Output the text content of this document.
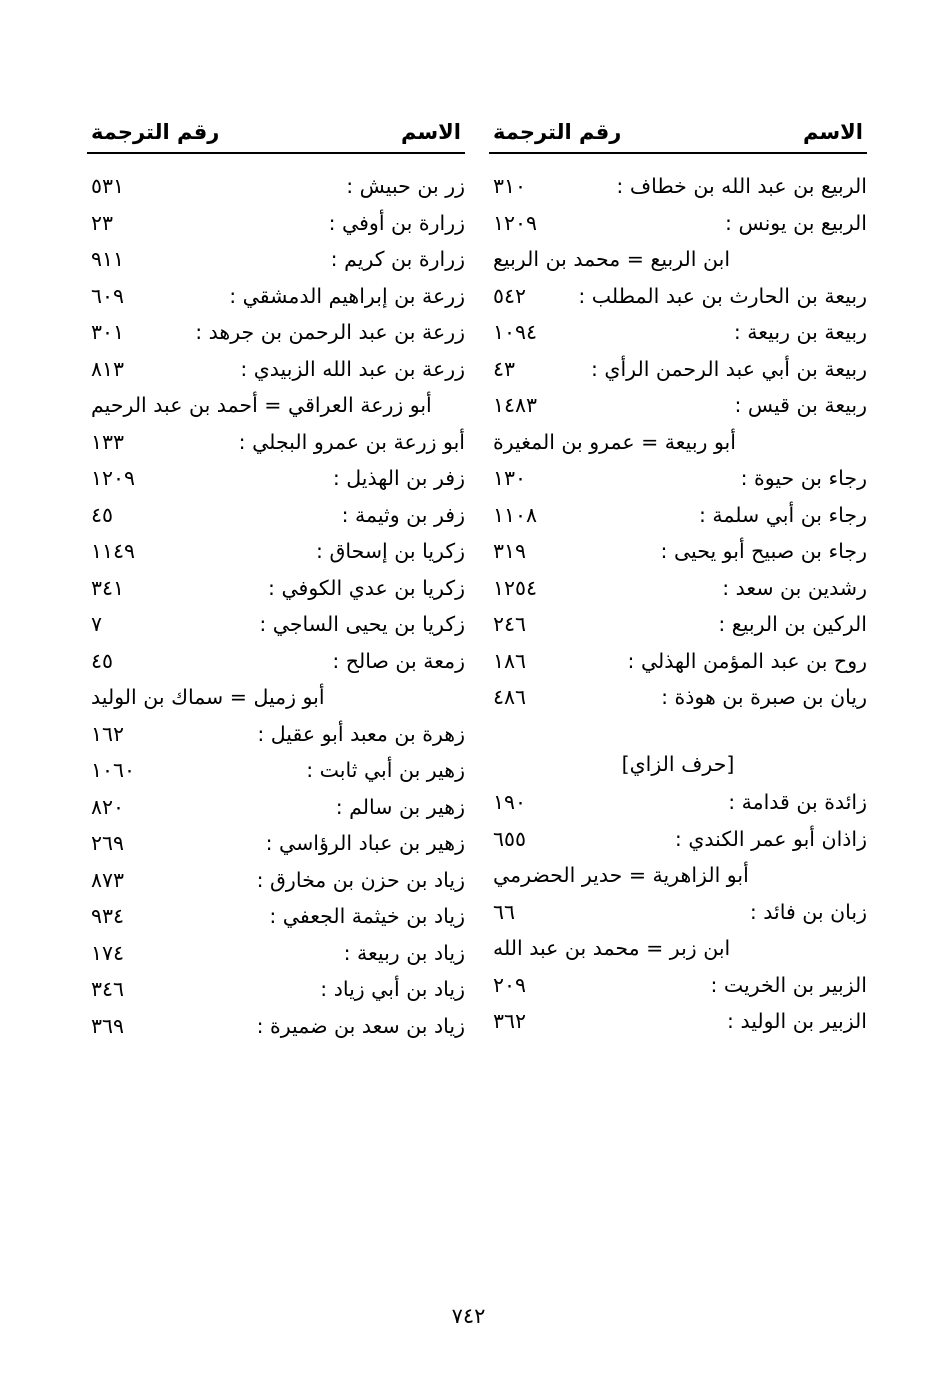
الاسم
رقم الترجمة
الربيع بن عبد الله بن خطاف :
٣١٠
الربيع بن يونس :
١٢٠٩
ابن الربيع = محمد بن الربيع
ربيعة بن الحارث بن عبد المطلب :
٥٤٢
ربيعة بن ربيعة :
١٠٩٤
ربيعة بن أبي عبد الرحمن الرأي :
٤٣
ربيعة بن قيس :
١٤٨٣
أبو ربيعة = عمرو بن المغيرة
رجاء بن حيوة :
١٣٠
رجاء بن أبي سلمة :
١١٠٨
رجاء بن صبيح أبو يحيى :
٣١٩
رشدين بن سعد :
١٢٥٤
الركين بن الربيع :
٢٤٦
روح بن عبد المؤمن الهذلي :
١٨٦
ريان بن صبرة بن هوذة :
٤٨٦
[حرف الزاي]
زائدة بن قدامة :
١٩٠
زاذان أبو عمر الكندي :
٦٥٥
أبو الزاهرية = حدير الحضرمي
زبان بن فائد :
٦٦
ابن زبر = محمد بن عبد الله
الزبير بن الخريت :
٢٠٩
الزبير بن الوليد :
٣٦٢
الاسم
رقم الترجمة
زر بن حبيش :
٥٣١
زرارة بن أوفي :
٢٣
زرارة بن كريم :
٩١١
زرعة بن إبراهيم الدمشقي :
٦٠٩
زرعة بن عبد الرحمن بن جرهد :
٣٠١
زرعة بن عبد الله الزبيدي :
٨١٣
أبو زرعة العراقي = أحمد بن عبد الرحيم
أبو زرعة بن عمرو البجلي :
١٣٣
زفر بن الهذيل :
١٢٠٩
زفر بن وثيمة :
٤٥
زكريا بن إسحاق :
١١٤٩
زكريا بن عدي الكوفي :
٣٤١
زكريا بن يحيى الساجي :
٧
زمعة بن صالح :
٤٥
أبو زميل = سماك بن الوليد
زهرة بن معبد أبو عقيل :
١٦٢
زهير بن أبي ثابت :
١٠٦٠
زهير بن سالم :
٨٢٠
زهير بن عباد الرؤاسي :
٢٦٩
زياد بن حزن بن مخارق :
٨٧٣
زياد بن خيثمة الجعفي :
٩٣٤
زياد بن ربيعة :
١٧٤
زياد بن أبي زياد :
٣٤٦
زياد بن سعد بن ضميرة :
٣٦٩
٧٤٢
